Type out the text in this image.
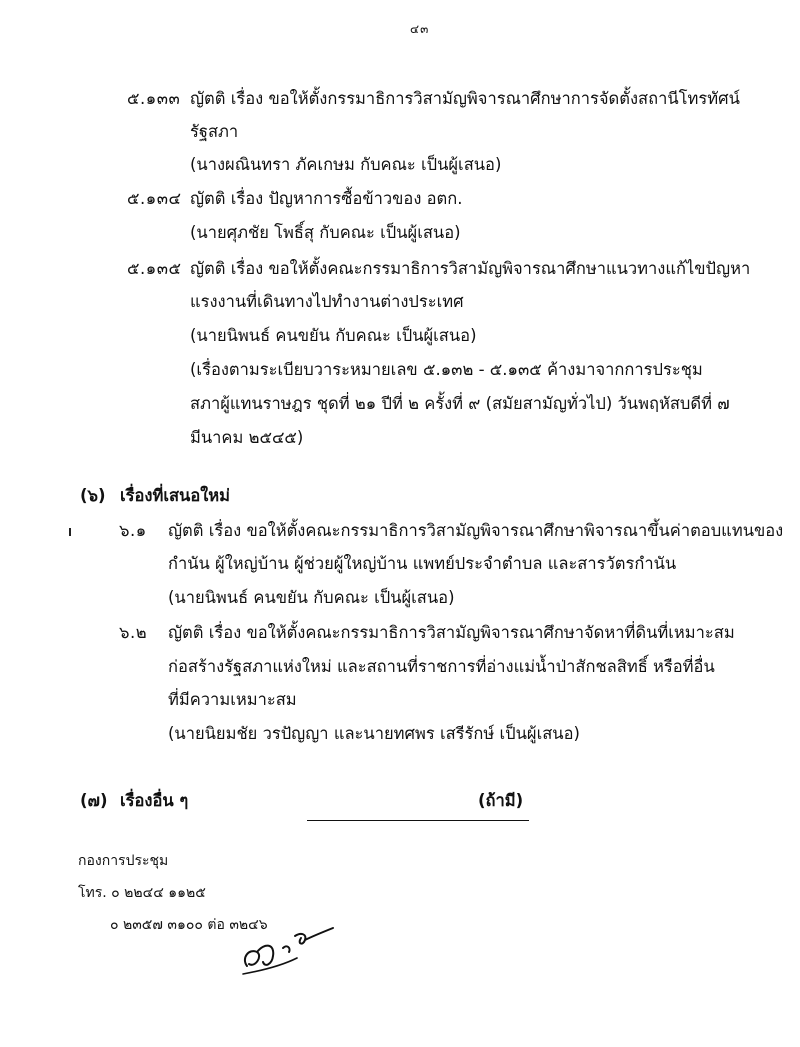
๔๓
๕.๑๓๓ ญัตติ เรื่อง ขอให้ตั้งกรรมาธิการวิสามัญพิจารณาศึกษาการจัดตั้งสถานีโทรทัศน์
รัฐสภา
(นางผณินทรา ภัคเกษม กับคณะ เป็นผู้เสนอ)
๕.๑๓๔ ญัตติ เรื่อง ปัญหาการซื้อข้าวของ อตก.
(นายศุภชัย โพธิ์สุ กับคณะ เป็นผู้เสนอ)
๕.๑๓๕ ญัตติ เรื่อง ขอให้ตั้งคณะกรรมาธิการวิสามัญพิจารณาศึกษาแนวทางแก้ไขปัญหา
แรงงานที่เดินทางไปทำงานต่างประเทศ
(นายนิพนธ์ คนขยัน กับคณะ เป็นผู้เสนอ)
(เรื่องตามระเบียบวาระหมายเลข ๕.๑๓๒ - ๕.๑๓๕ ค้างมาจากการประชุม
สภาผู้แทนราษฎร ชุดที่ ๒๑ ปีที่ ๒ ครั้งที่ ๙ (สมัยสามัญทั่วไป) วันพฤหัสบดีที่ ๗
มีนาคม ๒๕๔๕)
(๖) เรื่องที่เสนอใหม่
๖.๑ ญัตติ เรื่อง ขอให้ตั้งคณะกรรมาธิการวิสามัญพิจารณาศึกษาพิจารณาขึ้นค่าตอบแทนของ
กำนัน ผู้ใหญ่บ้าน ผู้ช่วยผู้ใหญ่บ้าน แพทย์ประจำตำบล และสารวัตรกำนัน
(นายนิพนธ์ คนขยัน กับคณะ เป็นผู้เสนอ)
๖.๒ ญัตติ เรื่อง ขอให้ตั้งคณะกรรมาธิการวิสามัญพิจารณาศึกษาจัดหาที่ดินที่เหมาะสม
ก่อสร้างรัฐสภาแห่งใหม่ และสถานที่ราชการที่อ่างแม่น้ำป่าสักชลสิทธิ์ หรือที่อื่น
ที่มีความเหมาะสม
(นายนิยมชัย วรปัญญา และนายทศพร เสรีรักษ์ เป็นผู้เสนอ)
(๗) เรื่องอื่น ๆ	(ถ้ามี)
กองการประชุม
โทร. ๐ ๒๒๔๔ ๑๑๒๕
๐ ๒๓๕๗ ๓๑๐๐ ต่อ ๓๒๔๖
